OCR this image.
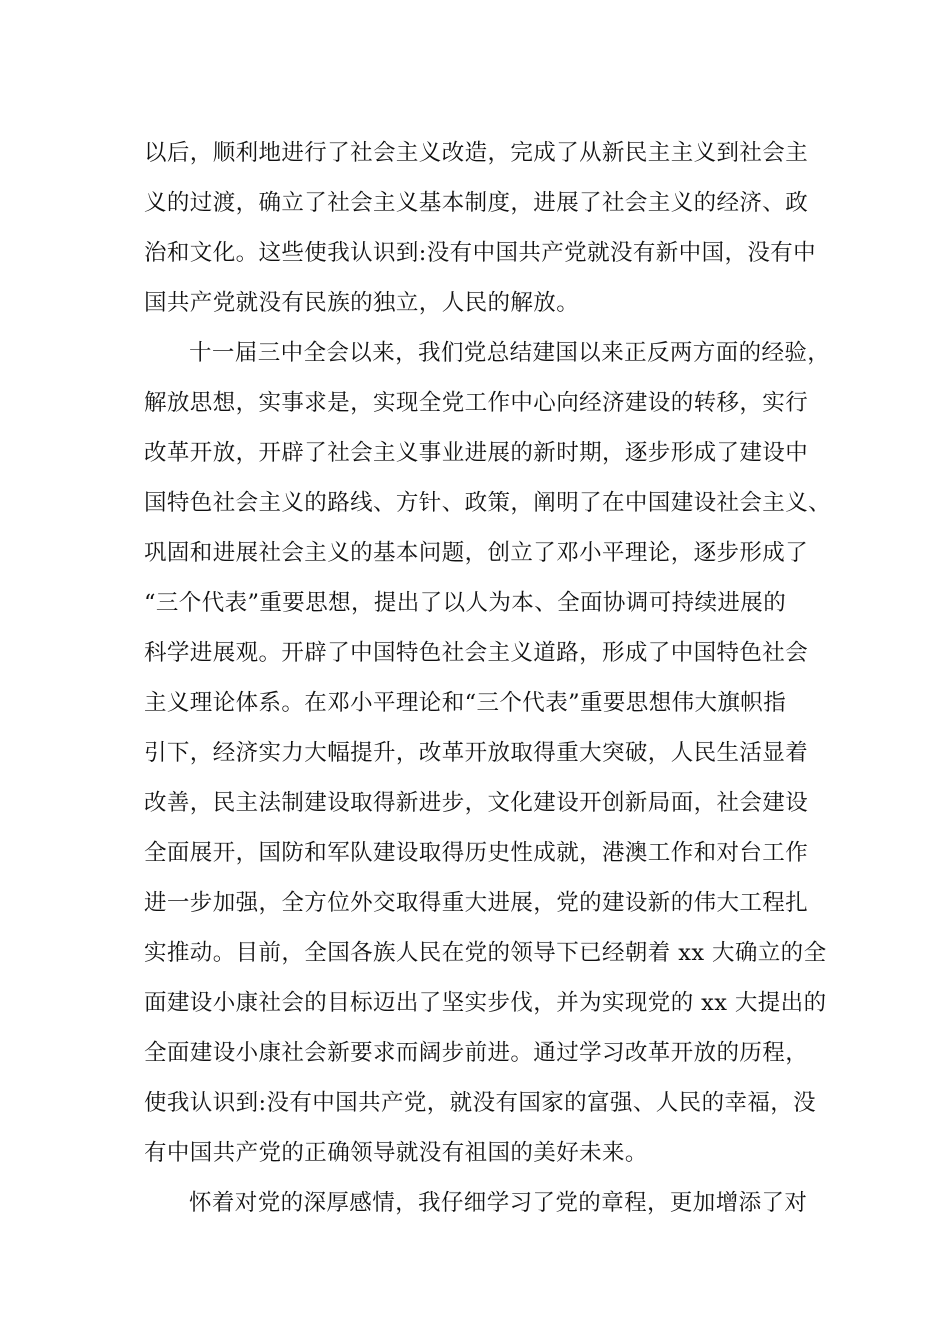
以后，顺利地进行了社会主义改造，完成了从新民主主义到社会主
义的过渡，确立了社会主义基本制度，进展了社会主义的经济、政
治和文化。这些使我认识到:没有中国共产党就没有新中国，没有中
国共产党就没有民族的独立，人民的解放。

十一届三中全会以来，我们党总结建国以来正反两方面的经验，
解放思想，实事求是，实现全党工作中心向经济建设的转移，实行
改革开放，开辟了社会主义事业进展的新时期，逐步形成了建设中
国特色社会主义的路线、方针、政策，阐明了在中国建设社会主义、
巩固和进展社会主义的基本问题，创立了邓小平理论，逐步形成了
“三个代表”重要思想，提出了以人为本、全面协调可持续进展的
科学进展观。开辟了中国特色社会主义道路，形成了中国特色社会
主义理论体系。在邓小平理论和“三个代表”重要思想伟大旗帜指
引下，经济实力大幅提升，改革开放取得重大突破，人民生活显着
改善，民主法制建设取得新进步，文化建设开创新局面，社会建设
全面展开，国防和军队建设取得历史性成就，港澳工作和对台工作
进一步加强，全方位外交取得重大进展，党的建设新的伟大工程扎
实推动。目前，全国各族人民在党的领导下已经朝着 xx 大确立的全
面建设小康社会的目标迈出了坚实步伐，并为实现党的 xx 大提出的
全面建设小康社会新要求而阔步前进。通过学习改革开放的历程，
使我认识到:没有中国共产党，就没有国家的富强、人民的幸福，没
有中国共产党的正确领导就没有祖国的美好未来。

怀着对党的深厚感情，我仔细学习了党的章程，更加增添了对
